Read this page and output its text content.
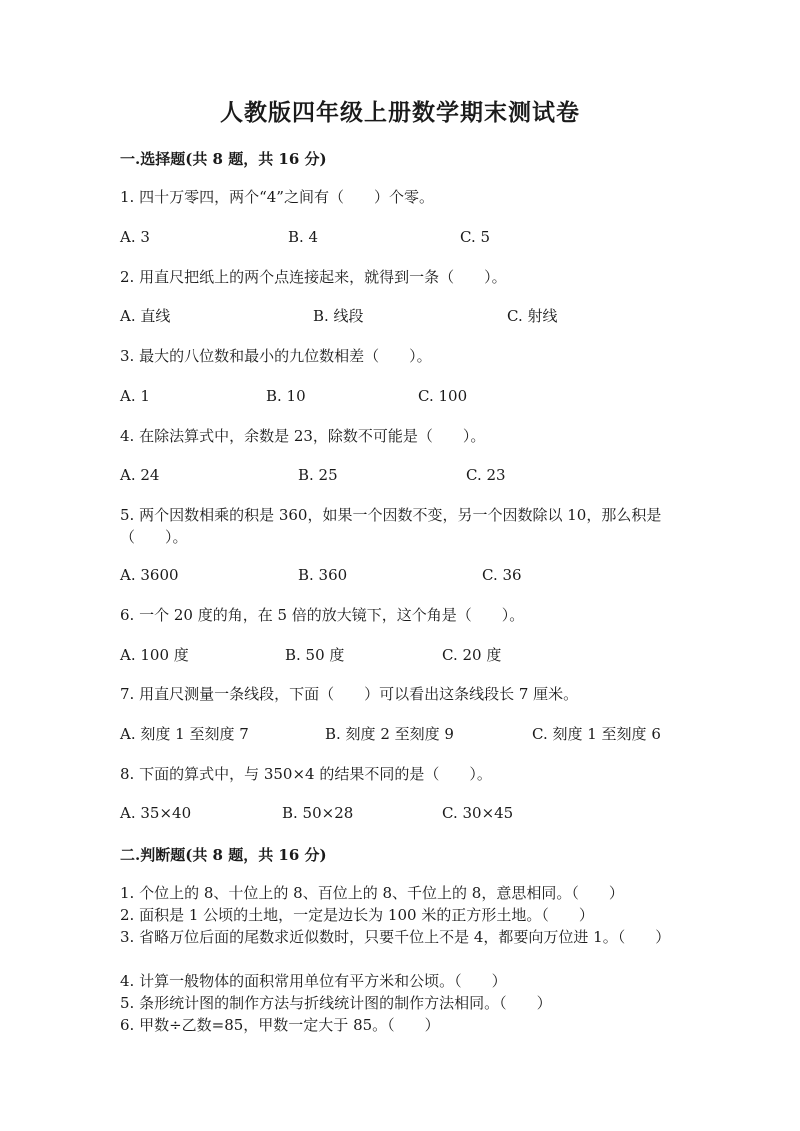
人教版四年级上册数学期末测试卷
一.选择题(共 8 题，共 16 分)
1. 四十万零四，两个“4”之间有（　　）个零。
A. 3	B. 4	C. 5
2. 用直尺把纸上的两个点连接起来，就得到一条（　　）。
A. 直线	B. 线段	C. 射线
3. 最大的八位数和最小的九位数相差（　　）。
A. 1	B. 10	C. 100
4. 在除法算式中，余数是 23，除数不可能是（　　）。
A. 24	B. 25	C. 23
5. 两个因数相乘的积是 360，如果一个因数不变，另一个因数除以 10，那么积是（　　）。
A. 3600	B. 360	C. 36
6. 一个 20 度的角，在 5 倍的放大镜下，这个角是（　　）。
A. 100 度	B. 50 度	C. 20 度
7. 用直尺测量一条线段，下面（　　）可以看出这条线段长 7 厘米。
A. 刻度 1 至刻度 7	B. 刻度 2 至刻度 9	C. 刻度 1 至刻度 6
8. 下面的算式中，与 350×4 的结果不同的是（　　）。
A. 35×40	B. 50×28	C. 30×45
二.判断题(共 8 题，共 16 分)
1. 个位上的 8、十位上的 8、百位上的 8、千位上的 8，意思相同。（　　）
2. 面积是 1 公顷的土地，一定是边长为 100 米的正方形土地。（　　）
3. 省略万位后面的尾数求近似数时，只要千位上不是 4，都要向万位进 1。（　　）
4. 计算一般物体的面积常用单位有平方米和公顷。（　　）
5. 条形统计图的制作方法与折线统计图的制作方法相同。（　　）
6. 甲数÷乙数=85，甲数一定大于 85。（　　）
